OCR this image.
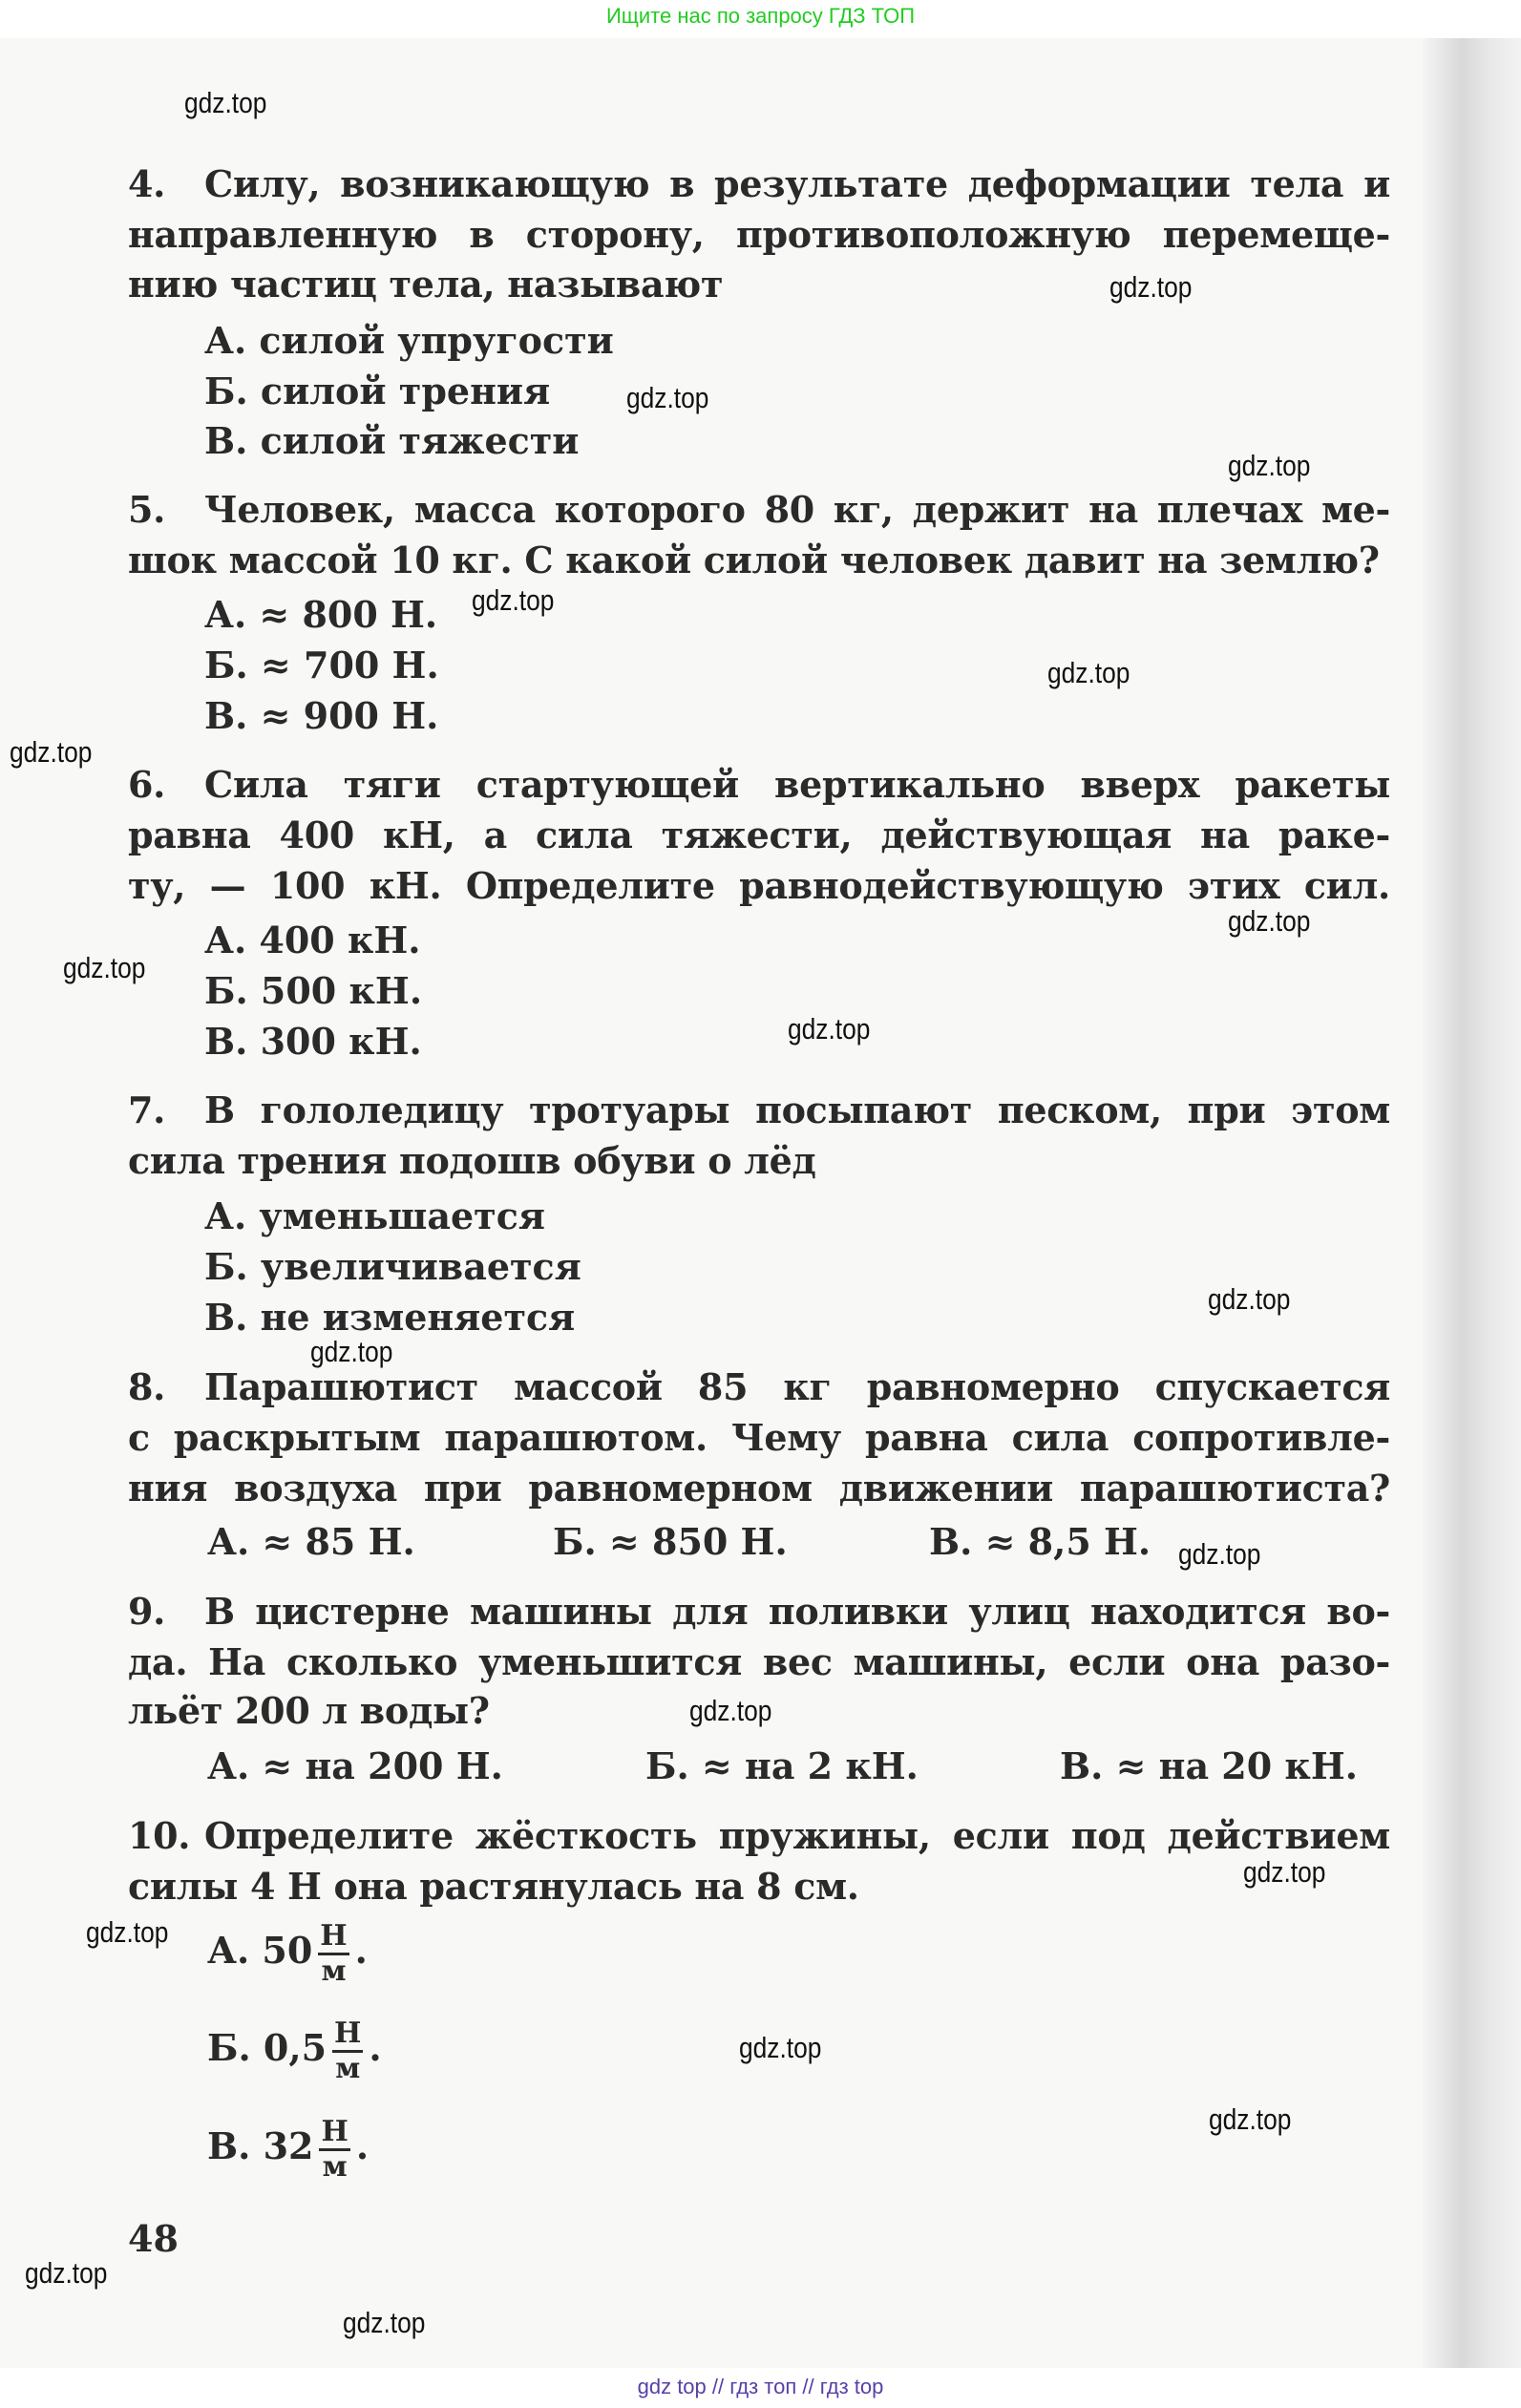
Ищите нас по запросу ГДЗ ТОП
4. Силу, возникающую в результате деформации тела и
направленную в сторону, противоположную перемеще-
нию частиц тела, называют
А. силой упругости
Б. силой трения
В. силой тяжести
5. Человек, масса которого 80 кг, держит на плечах ме-
шок массой 10 кг. С какой силой человек давит на землю?
А. ≈ 800 Н.
Б. ≈ 700 Н.
В. ≈ 900 Н.
6. Сила тяги стартующей вертикально вверх ракеты
равна 400 кН, а сила тяжести, действующая на раке-
ту, — 100 кН. Определите равнодействующую этих сил.
А. 400 кН.
Б. 500 кН.
В. 300 кН.
7. В гололедицу тротуары посыпают песком, при этом
сила трения подошв обуви о лёд
А. уменьшается
Б. увеличивается
В. не изменяется
8. Парашютист массой 85 кг равномерно спускается
с раскрытым парашютом. Чему равна сила сопротивле-
ния воздуха при равномерном движении парашютиста?
А. ≈ 85 Н.	Б. ≈ 850 Н.	В. ≈ 8,5 Н.
9. В цистерне машины для поливки улиц находится во-
да. На сколько уменьшится вес машины, если она разо-
льёт 200 л воды?
А. ≈ на 200 Н.	Б. ≈ на 2 кН.	В. ≈ на 20 кН.
10. Определите жёсткость пружины, если под действием
силы 4 Н она растянулась на 8 см.
А. $50 \frac{Н}{м}$ .
Б. $0,5 \frac{Н}{м}$ .
В. $32 \frac{Н}{м}$ .
48
gdz.top
gdz.top
gdz.top
gdz.top
gdz.top
gdz.top
gdz.top
gdz.top
gdz.top
gdz.top
gdz.top
gdz.top
gdz.top
gdz.top
gdz.top
gdz.top
gdz.top
gdz.top
gdz.top
gdz.top
gdz top // гдз топ // гдз top
